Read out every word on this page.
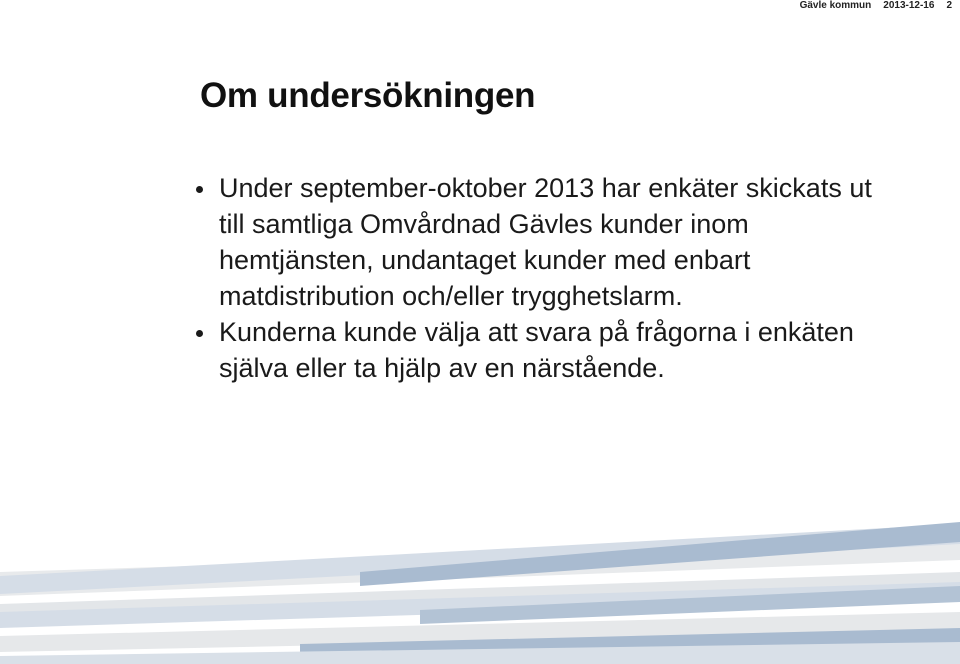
Gävle kommun 2013-12-16 2
Om undersökningen
Under september-oktober 2013 har enkäter skickats ut till samtliga Omvårdnad Gävles kunder inom hemtjänsten, undantaget kunder med enbart matdistribution och/eller trygghetslarm.
Kunderna kunde välja att svara på frågorna i enkäten själva eller ta hjälp av en närstående.
